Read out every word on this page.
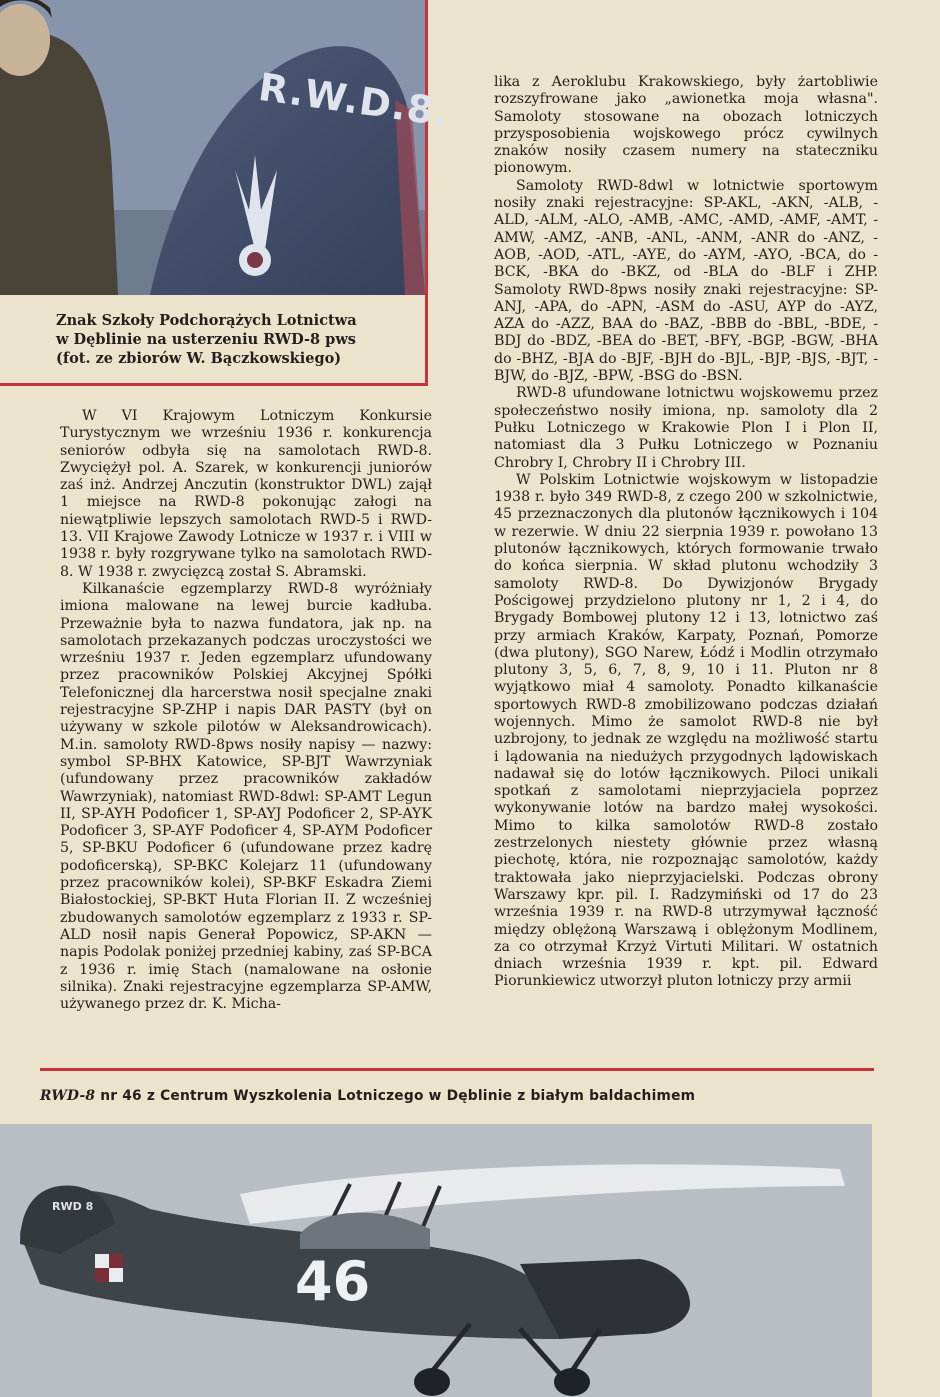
R.W.D.8.
Znak Szkoły Podchorążych Lotnictwa
w Dęblinie na usterzeniu RWD-8 pws
(fot. ze zbiorów W. Bączkowskiego)

W VI Krajowym Lotniczym Konkursie Turystycznym we wrześniu 1936 r. konkurencja seniorów odbyła się na samolotach RWD-8. Zwyciężył pol. A. Szarek, w konkurencji juniorów zaś inż. Andrzej Anczutin (konstruktor DWL) zajął 1 miejsce na RWD-8 pokonując załogi na niewątpliwie lepszych samolotach RWD-5 i RWD-13. VII Krajowe Zawody Lotnicze w 1937 r. i VIII w 1938 r. były rozgrywane tylko na samolotach RWD-8. W 1938 r. zwycięzcą został S. Abramski.

Kilkanaście egzemplarzy RWD-8 wyróżniały imiona malowane na lewej burcie kadłuba. Przeważnie była to nazwa fundatora, jak np. na samolotach przekazanych podczas uroczystości we wrześniu 1937 r. Jeden egzemplarz ufundowany przez pracowników Polskiej Akcyjnej Spółki Telefonicznej dla harcerstwa nosił specjalne znaki rejestracyjne SP-ZHP i napis DAR PASTY (był on używany w szkole pilotów w Aleksandrowicach). M.in. samoloty RWD-8pws nosiły napisy — nazwy: symbol SP-BHX Katowice, SP-BJT Wawrzyniak (ufundowany przez pracowników zakładów Wawrzyniak), natomiast RWD-8dwl: SP-AMT Legun II, SP-AYH Podoficer 1, SP-AYJ Podoficer 2, SP-AYK Podoficer 3, SP-AYF Podoficer 4, SP-AYM Podoficer 5, SP-BKU Podoficer 6 (ufundowane przez kadrę podoficerską), SP-BKC Kolejarz 11 (ufundowany przez pracowników kolei), SP-BKF Eskadra Ziemi Białostockiej, SP-BKT Huta Florian II. Z wcześniej zbudowanych samolotów egzemplarz z 1933 r. SP-ALD nosił napis Generał Popowicz, SP-AKN — napis Podolak poniżej przedniej kabiny, zaś SP-BCA z 1936 r. imię Stach (namalowane na osłonie silnika). Znaki rejestracyjne egzemplarza SP-AMW, używanego przez dr. K. Micha-

lika z Aeroklubu Krakowskiego, były żartobliwie rozszyfrowane jako „awionetka moja własna". Samoloty stosowane na obozach lotniczych przysposobienia wojskowego prócz cywilnych znaków nosiły czasem numery na stateczniku pionowym.

Samoloty RWD-8dwl w lotnictwie sportowym nosiły znaki rejestracyjne: SP-AKL, -AKN, -ALB, -ALD, -ALM, -ALO, -AMB, -AMC, -AMD, -AMF, -AMT, -AMW, -AMZ, -ANB, -ANL, -ANM, -ANR do -ANZ, -AOB, -AOD, -ATL, -AYE, do -AYM, -AYO, -BCA, do -BCK, -BKA do -BKZ, od -BLA do -BLF i ZHP. Samoloty RWD-8pws nosiły znaki rejestracyjne: SP-ANJ, -APA, do -APN, -ASM do -ASU, AYP do -AYZ, AZA do -AZZ, BAA do -BAZ, -BBB do -BBL, -BDE, -BDJ do -BDZ, -BEA do -BET, -BFY, -BGP, -BGW, -BHA do -BHZ, -BJA do -BJF, -BJH do -BJL, -BJP, -BJS, -BJT, -BJW, do -BJZ, -BPW, -BSG do -BSN.

RWD-8 ufundowane lotnictwu wojskowemu przez społeczeństwo nosiły imiona, np. samoloty dla 2 Pułku Lotniczego w Krakowie Plon I i Plon II, natomiast dla 3 Pułku Lotniczego w Poznaniu Chrobry I, Chrobry II i Chrobry III.

W Polskim Lotnictwie wojskowym w listopadzie 1938 r. było 349 RWD-8, z czego 200 w szkolnictwie, 45 przeznaczonych dla plutonów łącznikowych i 104 w rezerwie. W dniu 22 sierpnia 1939 r. powołano 13 plutonów łącznikowych, których formowanie trwało do końca sierpnia. W skład plutonu wchodziły 3 samoloty RWD-8. Do Dywizjonów Brygady Pościgowej przydzielono plutony nr 1, 2 i 4, do Brygady Bombowej plutony 12 i 13, lotnictwo zaś przy armiach Kraków, Karpaty, Poznań, Pomorze (dwa plutony), SGO Narew, Łódź i Modlin otrzymało plutony 3, 5, 6, 7, 8, 9, 10 i 11. Pluton nr 8 wyjątkowo miał 4 samoloty. Ponadto kilkanaście sportowych RWD-8 zmobilizowano podczas działań wojennych. Mimo że samolot RWD-8 nie był uzbrojony, to jednak ze względu na możliwość startu i lądowania na niedużych przygodnych lądowiskach nadawał się do lotów łącznikowych. Piloci unikali spotkań z samolotami nieprzyjaciela poprzez wykonywanie lotów na bardzo małej wysokości. Mimo to kilka samolotów RWD-8 zostało zestrzelonych niestety głównie przez własną piechotę, która, nie rozpoznając samolotów, każdy traktowała jako nieprzyjacielski. Podczas obrony Warszawy kpr. pil. I. Radzymiński od 17 do 23 września 1939 r. na RWD-8 utrzymywał łączność między oblężoną Warszawą i oblężonym Modlinem, za co otrzymał Krzyż Virtuti Militari. W ostatnich dniach września 1939 r. kpt. pil. Edward Piorunkiewicz utworzył pluton lotniczy przy armii

RWD-8 nr 46 z Centrum Wyszkolenia Lotniczego w Dęblinie z białym baldachimem
46
RWD 8
